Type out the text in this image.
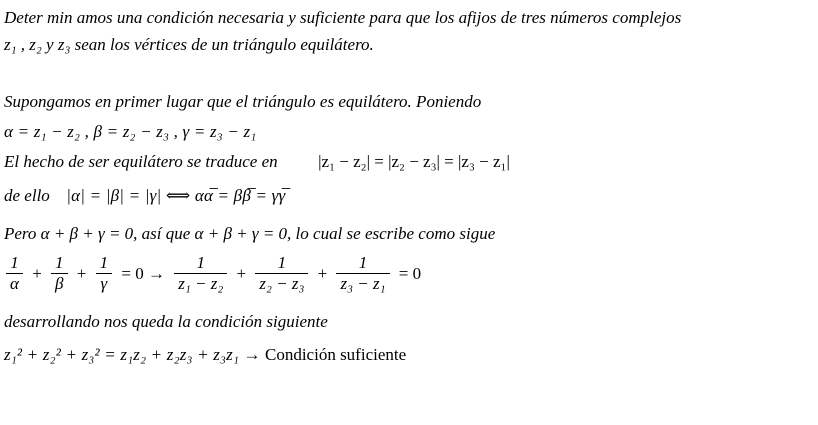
Deter min amos una condición necesaria y suficiente para que los afijos de tres números complejos
z₁ , z₂ y z₃ sean los vértices de un triángulo equilátero.
Supongamos en primer lugar que el triángulo es equilátero. Poniendo
α = z₁ − z₂ , β = z₂ − z₃ , γ = z₃ − z₁
El hecho de ser equilátero se traduce en |z₁ − z₂| = |z₂ − z₃| = |z₃ − z₁|
de ello |α| = |β| = |γ| ⟺ αα̅ = ββ̅ = γγ̅
Pero α + β + γ = 0, así que α + β + γ = 0, lo cual se escribe como sigue
$\frac{1}{\alpha} + \frac{1}{\beta} + \frac{1}{\gamma} = 0 \to \frac{1}{\text{z₁ − z₂}} + \frac{1}{\text{z₂ − z₃}} + \frac{1}{\text{z₃ − z₁}} = 0$
desarrollando nos queda la condición siguiente
z₁² + z₂² + z₃² = z₁z₂ + z₂z₃ + z₃z₁ → Condición suficiente
